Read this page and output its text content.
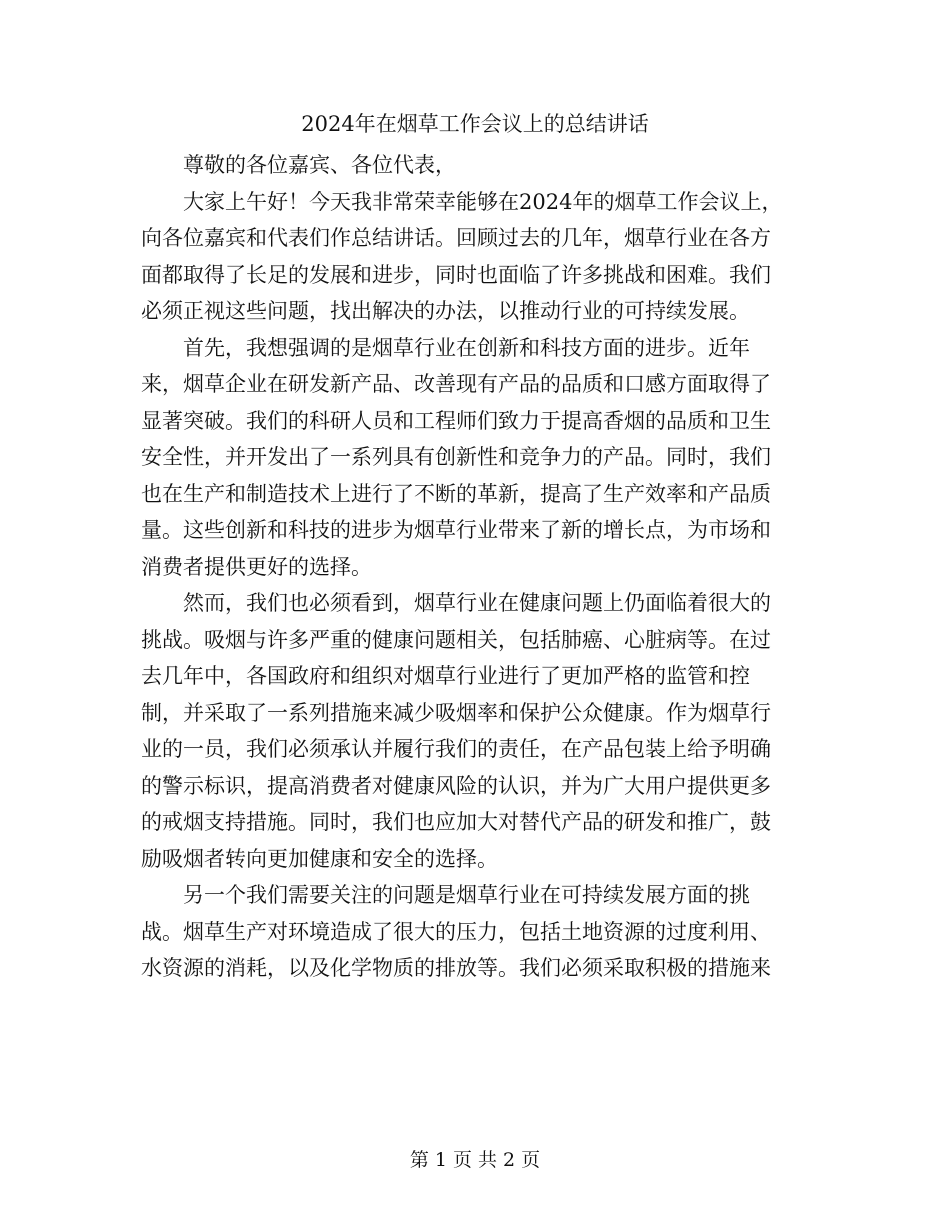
2024年在烟草工作会议上的总结讲话

尊敬的各位嘉宾、各位代表，

大家上午好！今天我非常荣幸能够在2024年的烟草工作会议上，
向各位嘉宾和代表们作总结讲话。回顾过去的几年，烟草行业在各方
面都取得了长足的发展和进步，同时也面临了许多挑战和困难。我们
必须正视这些问题，找出解决的办法，以推动行业的可持续发展。

首先，我想强调的是烟草行业在创新和科技方面的进步。近年
来，烟草企业在研发新产品、改善现有产品的品质和口感方面取得了
显著突破。我们的科研人员和工程师们致力于提高香烟的品质和卫生
安全性，并开发出了一系列具有创新性和竞争力的产品。同时，我们
也在生产和制造技术上进行了不断的革新，提高了生产效率和产品质
量。这些创新和科技的进步为烟草行业带来了新的增长点，为市场和
消费者提供更好的选择。

然而，我们也必须看到，烟草行业在健康问题上仍面临着很大的
挑战。吸烟与许多严重的健康问题相关，包括肺癌、心脏病等。在过
去几年中，各国政府和组织对烟草行业进行了更加严格的监管和控
制，并采取了一系列措施来减少吸烟率和保护公众健康。作为烟草行
业的一员，我们必须承认并履行我们的责任，在产品包装上给予明确
的警示标识，提高消费者对健康风险的认识，并为广大用户提供更多
的戒烟支持措施。同时，我们也应加大对替代产品的研发和推广，鼓
励吸烟者转向更加健康和安全的选择。

另一个我们需要关注的问题是烟草行业在可持续发展方面的挑
战。烟草生产对环境造成了很大的压力，包括土地资源的过度利用、
水资源的消耗，以及化学物质的排放等。我们必须采取积极的措施来

第 1 页 共 2 页
